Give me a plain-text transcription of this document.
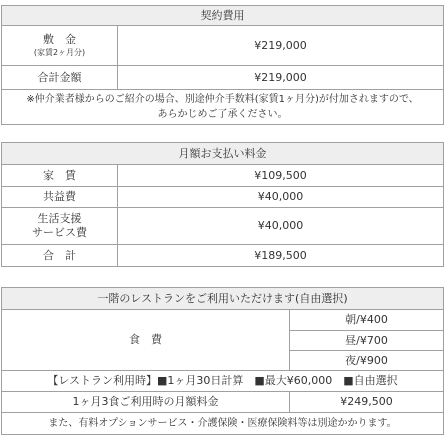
契約費用	

敷　金
(家賃2ヶ月分)	¥219,000
合計金額	¥219,000

※仲介業者様からのご紹介の場合、別途仲介手数料(家賃1ヶ月分)が付加されますので、
あらかじめご了承ください。	
月額お支払い料金	
家　賃	¥109,500
共益費	¥40,000

生活支援
サービス費	¥40,000
合　計	¥189,500
一階のレストランをご利用いただけます(自由選択)	
食　費	朝/¥400
	昼/¥700
	夜/¥900
【レストラン利用時】■1ヶ月30日計算　■最大¥60,000　■自由選択	
1ヶ月3食ご利用時の月額料金	¥249,500
また、有料オプションサービス・介護保険・医療保険料等は別途かかります。	
